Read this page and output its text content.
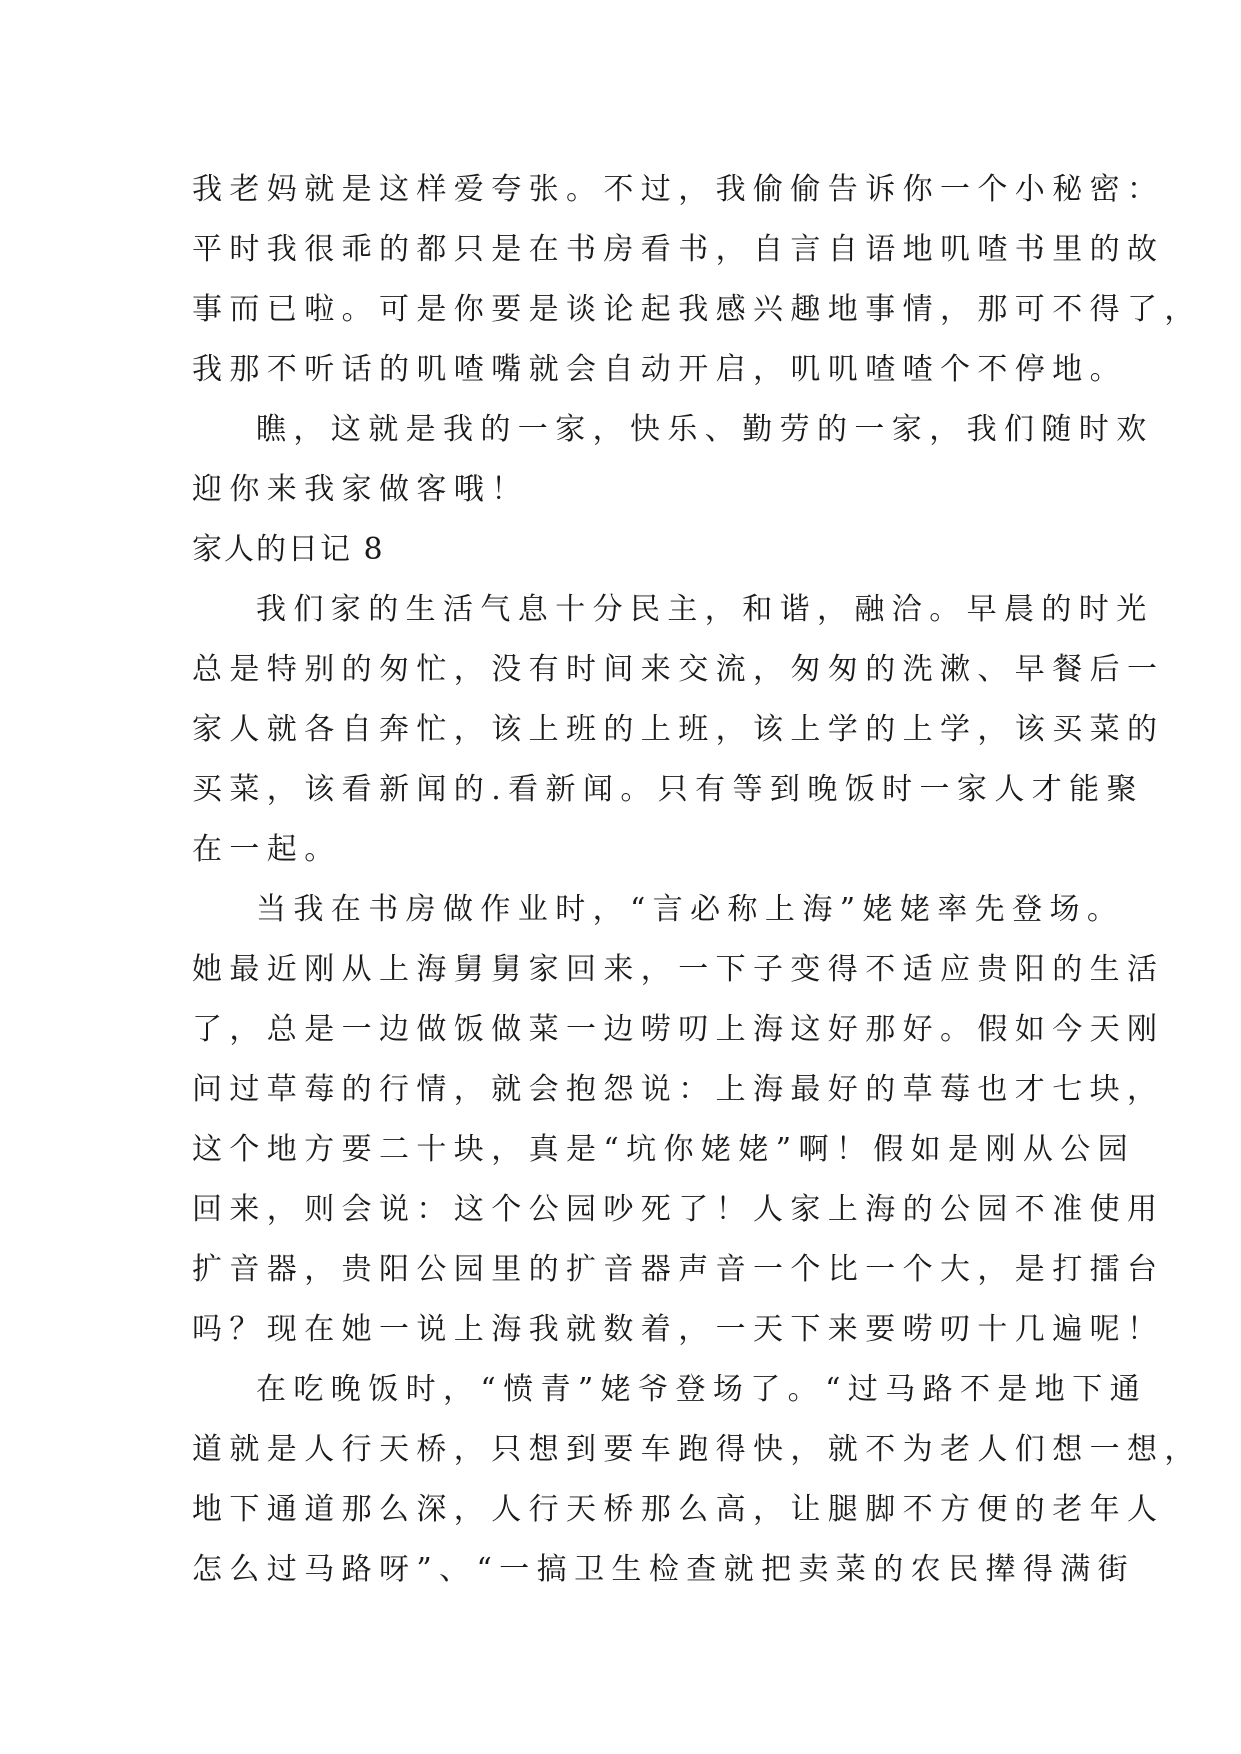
我老妈就是这样爱夸张。不过，我偷偷告诉你一个小秘密：
平时我很乖的都只是在书房看书，自言自语地叽喳书里的故
事而已啦。可是你要是谈论起我感兴趣地事情，那可不得了，
我那不听话的叽喳嘴就会自动开启，叽叽喳喳个不停地。
瞧，这就是我的一家，快乐、勤劳的一家，我们随时欢
迎你来我家做客哦！
家人的日记 8
我们家的生活气息十分民主，和谐，融洽。早晨的时光
总是特别的匆忙，没有时间来交流，匆匆的洗漱、早餐后一
家人就各自奔忙，该上班的上班，该上学的上学，该买菜的
买菜，该看新闻的.看新闻。只有等到晚饭时一家人才能聚
在一起。
当我在书房做作业时，“言必称上海”姥姥率先登场。
她最近刚从上海舅舅家回来，一下子变得不适应贵阳的生活
了，总是一边做饭做菜一边唠叨上海这好那好。假如今天刚
问过草莓的行情，就会抱怨说：上海最好的草莓也才七块，
这个地方要二十块，真是“坑你姥姥”啊！假如是刚从公园
回来，则会说：这个公园吵死了！人家上海的公园不准使用
扩音器，贵阳公园里的扩音器声音一个比一个大，是打擂台
吗？现在她一说上海我就数着，一天下来要唠叨十几遍呢！
在吃晚饭时，“愤青”姥爷登场了。“过马路不是地下通
道就是人行天桥，只想到要车跑得快，就不为老人们想一想，
地下通道那么深，人行天桥那么高，让腿脚不方便的老年人
怎么过马路呀”、“一搞卫生检查就把卖菜的农民撵得满街
